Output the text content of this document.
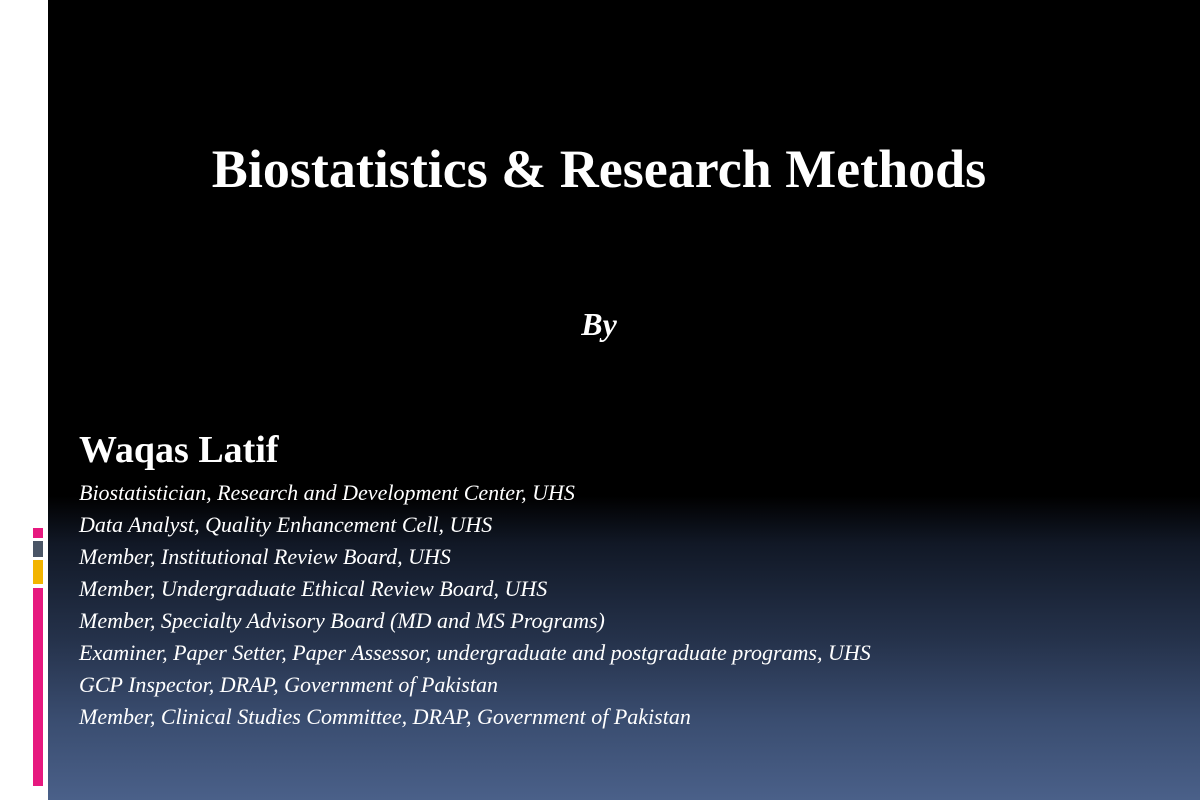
Biostatistics & Research Methods
By
Waqas Latif
Biostatistician, Research and Development Center, UHS
Data Analyst, Quality Enhancement Cell, UHS
Member, Institutional Review Board, UHS
Member, Undergraduate Ethical Review Board, UHS
Member, Specialty Advisory Board (MD and MS Programs)
Examiner, Paper Setter, Paper Assessor, undergraduate and postgraduate programs, UHS
GCP Inspector, DRAP, Government of Pakistan
Member, Clinical Studies Committee, DRAP, Government of Pakistan
